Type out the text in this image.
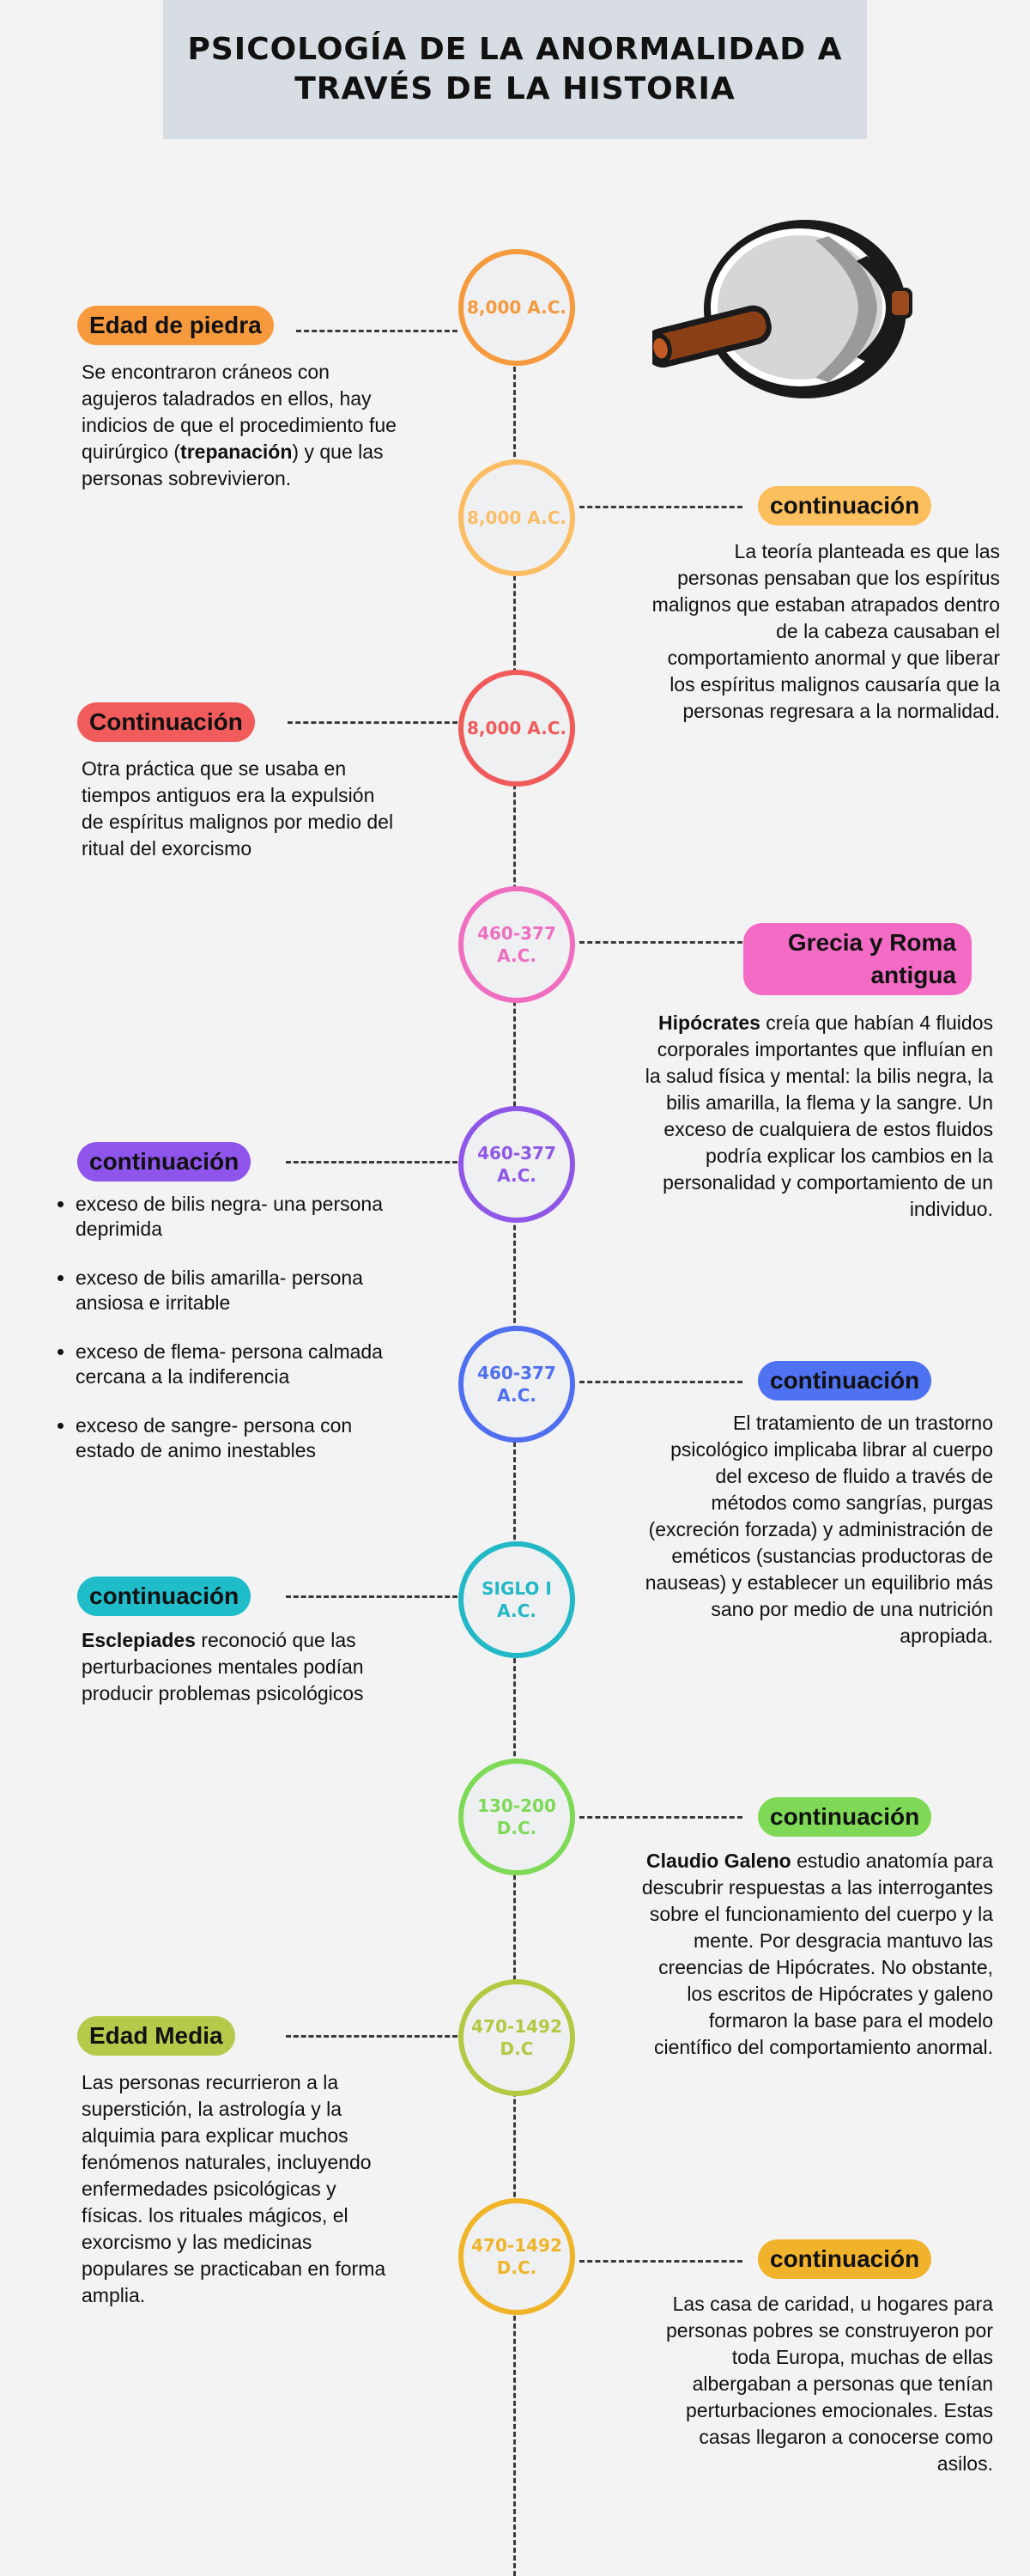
PSICOLOGÍA DE LA ANORMALIDAD A
TRAVÉS DE LA HISTORIA
8,000 A.C.
Edad de piedra
Se encontraron cráneos con agujeros taladrados en ellos, hay indicios de que el procedimiento fue quirúrgico (trepanación) y que las personas sobrevivieron.
8,000 A.C.	continuación
La teoría planteada es que las personas pensaban que los espíritus malignos que estaban atrapados dentro de la cabeza causaban el comportamiento anormal y que liberar los espíritus malignos causaría que la personas regresara a la normalidad.
8,000 A.C.
Continuación
Otra práctica que se usaba en tiempos antiguos era la expulsión de espíritus malignos por medio del ritual del exorcismo
460-377 A.C.	Grecia y Roma antigua
Hipócrates creía que habían 4 fluidos corporales importantes que influían en la salud física y mental: la bilis negra, la bilis amarilla, la flema y la sangre. Un exceso de cualquiera de estos fluidos podría explicar los cambios en la personalidad y comportamiento de un individuo.
460-377 A.C.
continuación
• exceso de bilis negra- una persona deprimida
• exceso de bilis amarilla- persona ansiosa e irritable
• exceso de flema- persona calmada cercana a la indiferencia
• exceso de sangre- persona con estado de animo inestables
460-377 A.C.
continuación
El tratamiento de un trastorno psicológico implicaba librar al cuerpo del exceso de fluido a través de métodos como sangrías, purgas (excreción forzada) y administración de eméticos (sustancias productoras de nauseas) y establecer un equilibrio más sano por medio de una nutrición apropiada.
SIGLO I A.C.
continuación
Esclepiades reconoció que las perturbaciones mentales podían producir problemas psicológicos
130-200 D.C.	continuación
Claudio Galeno estudio anatomía para descubrir respuestas a las interrogantes sobre el funcionamiento del cuerpo y la mente. Por desgracia mantuvo las creencias de Hipócrates. No obstante, los escritos de Hipócrates y galeno formaron la base para el modelo científico del comportamiento anormal.
470-1492 D.C
Edad Media
Las personas recurrieron a la superstición, la astrología y la alquimia para explicar muchos fenómenos naturales, incluyendo enfermedades psicológicas y físicas. los rituales mágicos, el exorcismo y las medicinas populares se practicaban en forma amplia.
470-1492 D.C.	continuación
Las casa de caridad, u hogares para personas pobres se construyeron por toda Europa, muchas de ellas albergaban a personas que tenían perturbaciones emocionales. Estas casas llegaron a conocerse como asilos.
